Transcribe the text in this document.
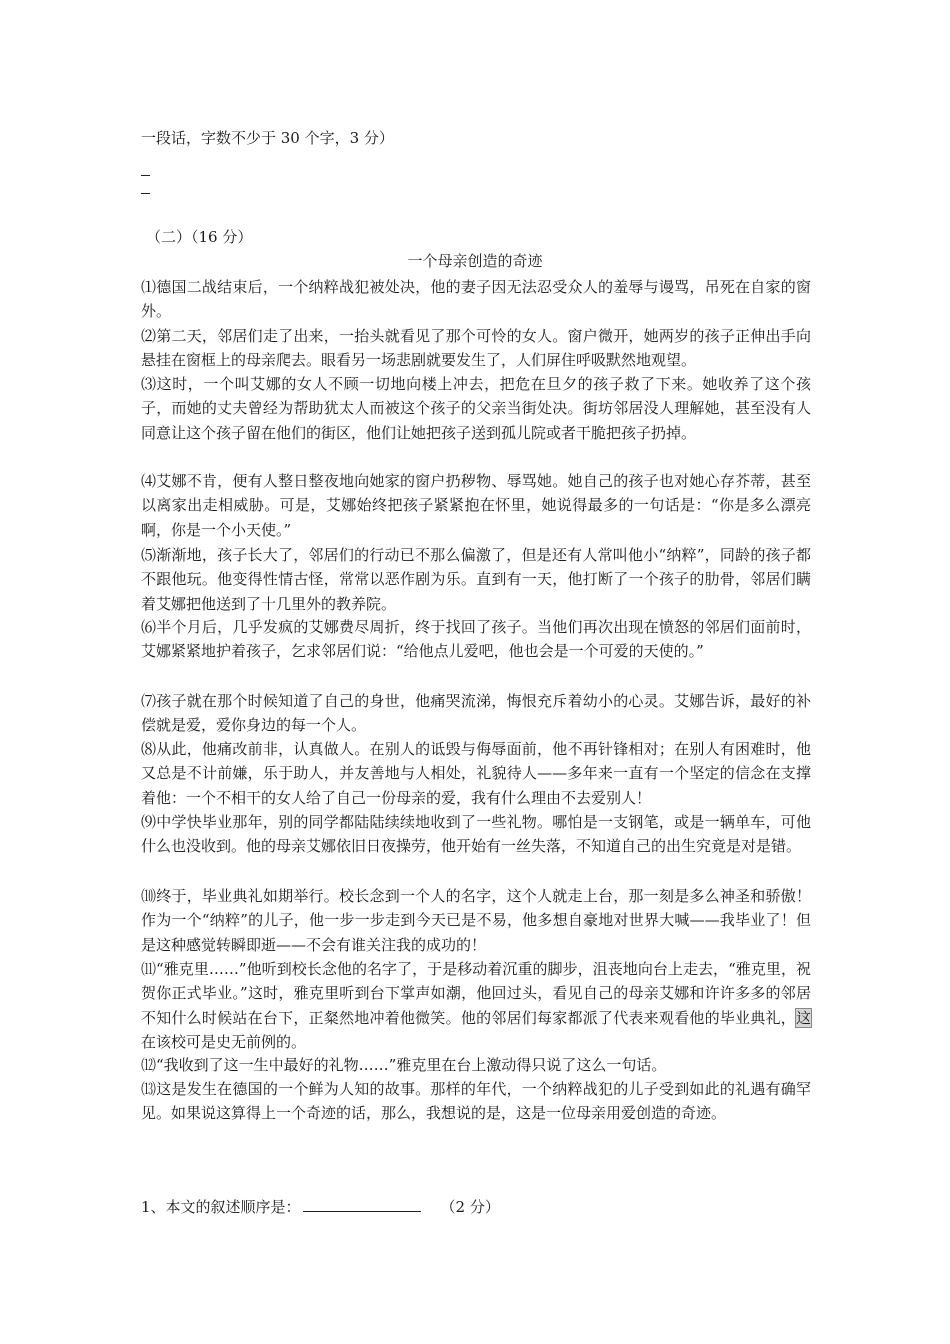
一段话，字数不少于 30 个字，3 分）
（二）（16 分）
一个母亲创造的奇迹
⑴德国二战结束后，一个纳粹战犯被处决，他的妻子因无法忍受众人的羞辱与谩骂，吊死在自家的窗外。
⑵第二天，邻居们走了出来，一抬头就看见了那个可怜的女人。窗户微开，她两岁的孩子正伸出手向悬挂在窗框上的母亲爬去。眼看另一场悲剧就要发生了，人们屏住呼吸默然地观望。
⑶这时，一个叫艾娜的女人不顾一切地向楼上冲去，把危在旦夕的孩子救了下来。她收养了这个孩子，而她的丈夫曾经为帮助犹太人而被这个孩子的父亲当街处决。街坊邻居没人理解她，甚至没有人同意让这个孩子留在他们的街区，他们让她把孩子送到孤儿院或者干脆把孩子扔掉。
⑷艾娜不肯，便有人整日整夜地向她家的窗户扔秽物、辱骂她。她自己的孩子也对她心存芥蒂，甚至以离家出走相威胁。可是，艾娜始终把孩子紧紧抱在怀里，她说得最多的一句话是：“你是多么漂亮啊，你是一个小天使。”
⑸渐渐地，孩子长大了，邻居们的行动已不那么偏激了，但是还有人常叫他小“纳粹”，同龄的孩子都不跟他玩。他变得性情古怪，常常以恶作剧为乐。直到有一天，他打断了一个孩子的肋骨，邻居们瞒着艾娜把他送到了十几里外的教养院。
⑹半个月后，几乎发疯的艾娜费尽周折，终于找回了孩子。当他们再次出现在愤怒的邻居们面前时，艾娜紧紧地护着孩子，乞求邻居们说：“给他点儿爱吧，他也会是一个可爱的天使的。”
⑺孩子就在那个时候知道了自己的身世，他痛哭流涕，悔恨充斥着幼小的心灵。艾娜告诉，最好的补偿就是爱，爱你身边的每一个人。
⑻从此，他痛改前非，认真做人。在别人的诋毁与侮辱面前，他不再针锋相对；在别人有困难时，他又总是不计前嫌，乐于助人，并友善地与人相处，礼貌待人——多年来一直有一个坚定的信念在支撑着他：一个不相干的女人给了自己一份母亲的爱，我有什么理由不去爱别人！
⑼中学快毕业那年，别的同学都陆陆续续地收到了一些礼物。哪怕是一支钢笔，或是一辆单车，可他什么也没收到。他的母亲艾娜依旧日夜操劳，他开始有一丝失落，不知道自己的出生究竟是对是错。
⑽终于，毕业典礼如期举行。校长念到一个人的名字，这个人就走上台，那一刻是多么神圣和骄傲！作为一个“纳粹”的儿子，他一步一步走到今天已是不易，他多想自豪地对世界大喊——我毕业了！但是这种感觉转瞬即逝——不会有谁关注我的成功的！
⑾“雅克里……”他听到校长念他的名字了，于是移动着沉重的脚步，沮丧地向台上走去，“雅克里，祝贺你正式毕业。”这时，雅克里听到台下掌声如潮，他回过头，看见自己的母亲艾娜和许许多多的邻居不知什么时候站在台下，正粲然地冲着他微笑。他的邻居们每家都派了代表来观看他的毕业典礼，这在该校可是史无前例的。
⑿“我收到了这一生中最好的礼物……”雅克里在台上激动得只说了这么一句话。
⒀这是发生在德国的一个鲜为人知的故事。那样的年代，一个纳粹战犯的儿子受到如此的礼遇有确罕见。如果说这算得上一个奇迹的话，那么，我想说的是，这是一位母亲用爱创造的奇迹。
1、本文的叙述顺序是：	（2 分）
